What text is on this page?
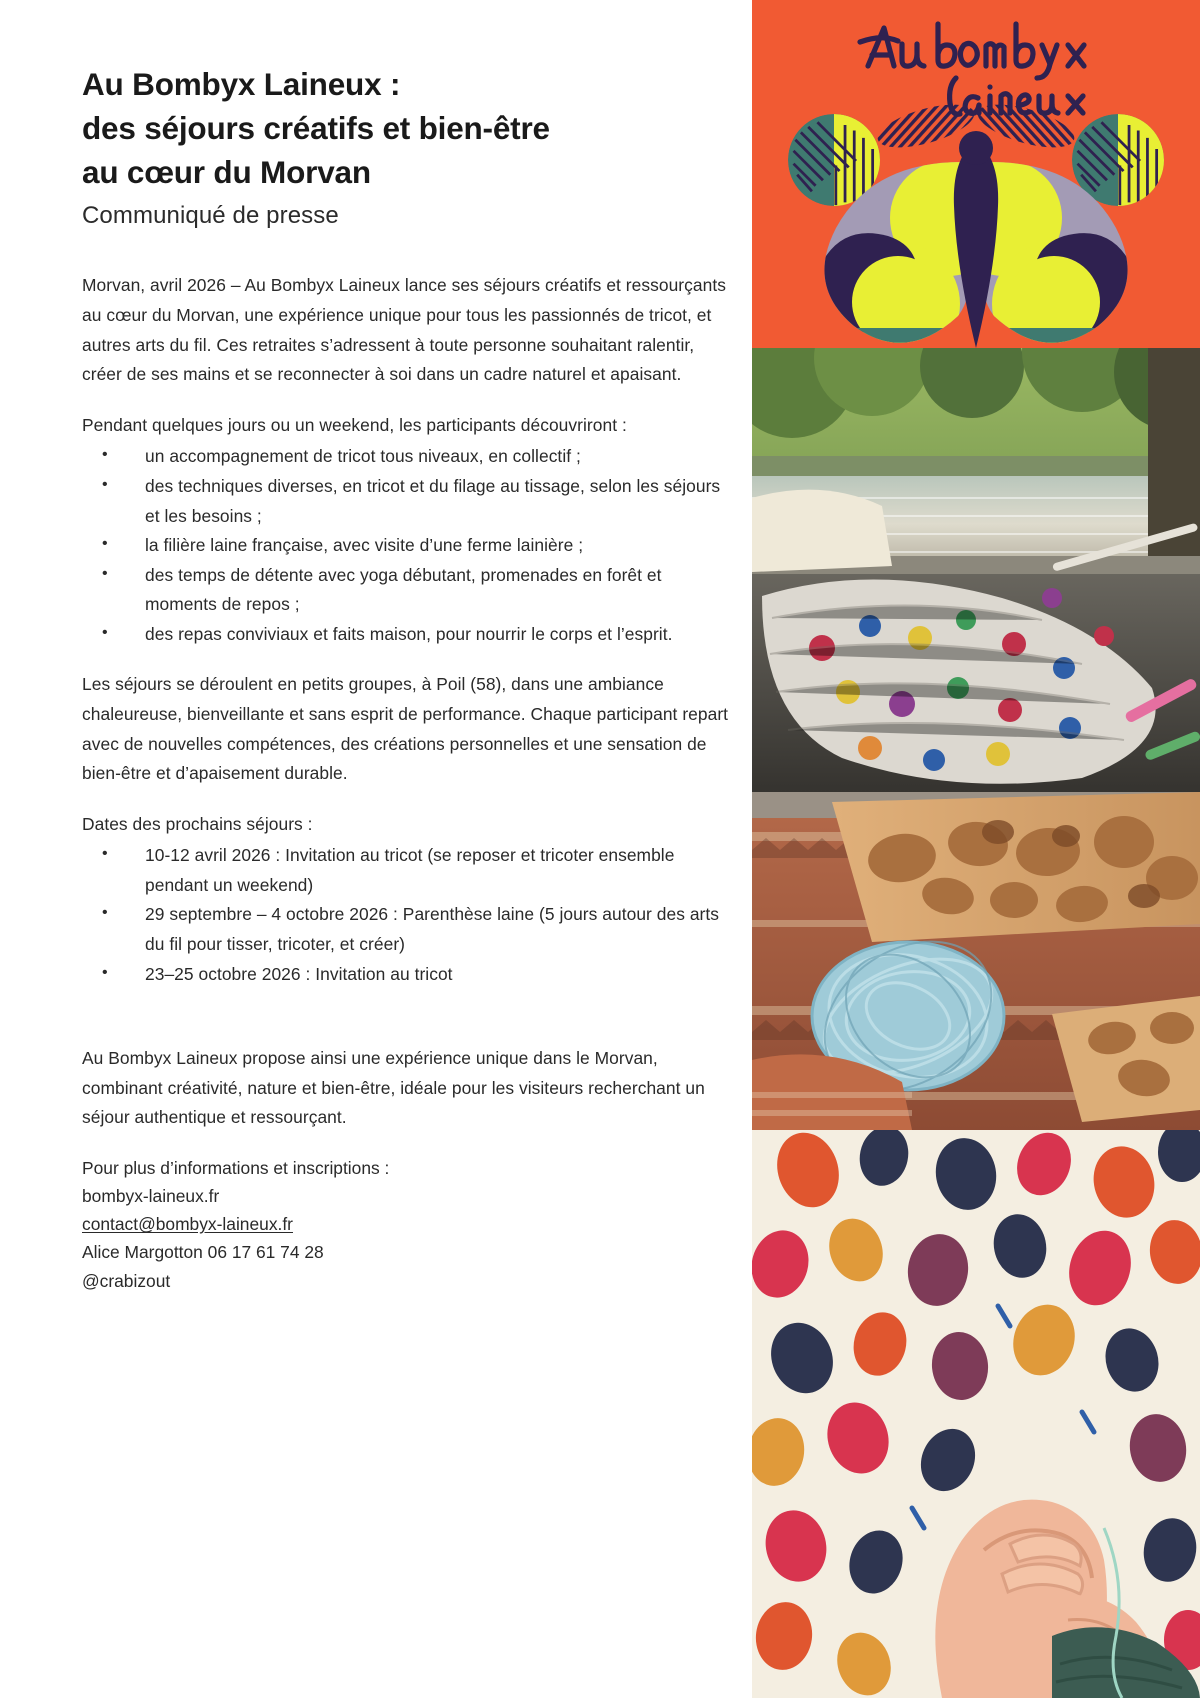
Au Bombyx Laineux :
des séjours créatifs et bien-être
au cœur du Morvan
Communiqué de presse

Morvan, avril 2026 – Au Bombyx Laineux lance ses séjours créatifs et ressourçants au cœur du Morvan, une expérience unique pour tous les passionnés de tricot, et autres arts du fil. Ces retraites s’adressent à toute personne souhaitant ralentir, créer de ses mains et se reconnecter à soi dans un cadre naturel et apaisant.

Pendant quelques jours ou un weekend, les participants découvriront :

• un accompagnement de tricot tous niveaux, en collectif ;
• des techniques diverses, en tricot et du filage au tissage, selon les séjours et les besoins ;
• la filière laine française, avec visite d’une ferme lainière ;
• des temps de détente avec yoga débutant, promenades en forêt et moments de repos ;
• des repas conviviaux et faits maison, pour nourrir le corps et l’esprit.

Les séjours se déroulent en petits groupes, à Poil (58), dans une ambiance chaleureuse, bienveillante et sans esprit de performance. Chaque participant repart avec de nouvelles compétences, des créations personnelles et une sensation de bien-être et d’apaisement durable.

Dates des prochains séjours :

• 10-12 avril 2026 : Invitation au tricot (se reposer et tricoter ensemble pendant un weekend)
• 29 septembre – 4 octobre 2026 : Parenthèse laine (5 jours autour des arts du fil pour tisser, tricoter, et créer)
• 23–25 octobre 2026 : Invitation au tricot

Au Bombyx Laineux propose ainsi une expérience unique dans le Morvan, combinant créativité, nature et bien-être, idéale pour les visiteurs recherchant un séjour authentique et ressourçant.

Pour plus d’informations et inscriptions :
bombyx-laineux.fr
contact@bombyx-laineux.fr
Alice Margotton 06 17 61 74 28
@crabizout
